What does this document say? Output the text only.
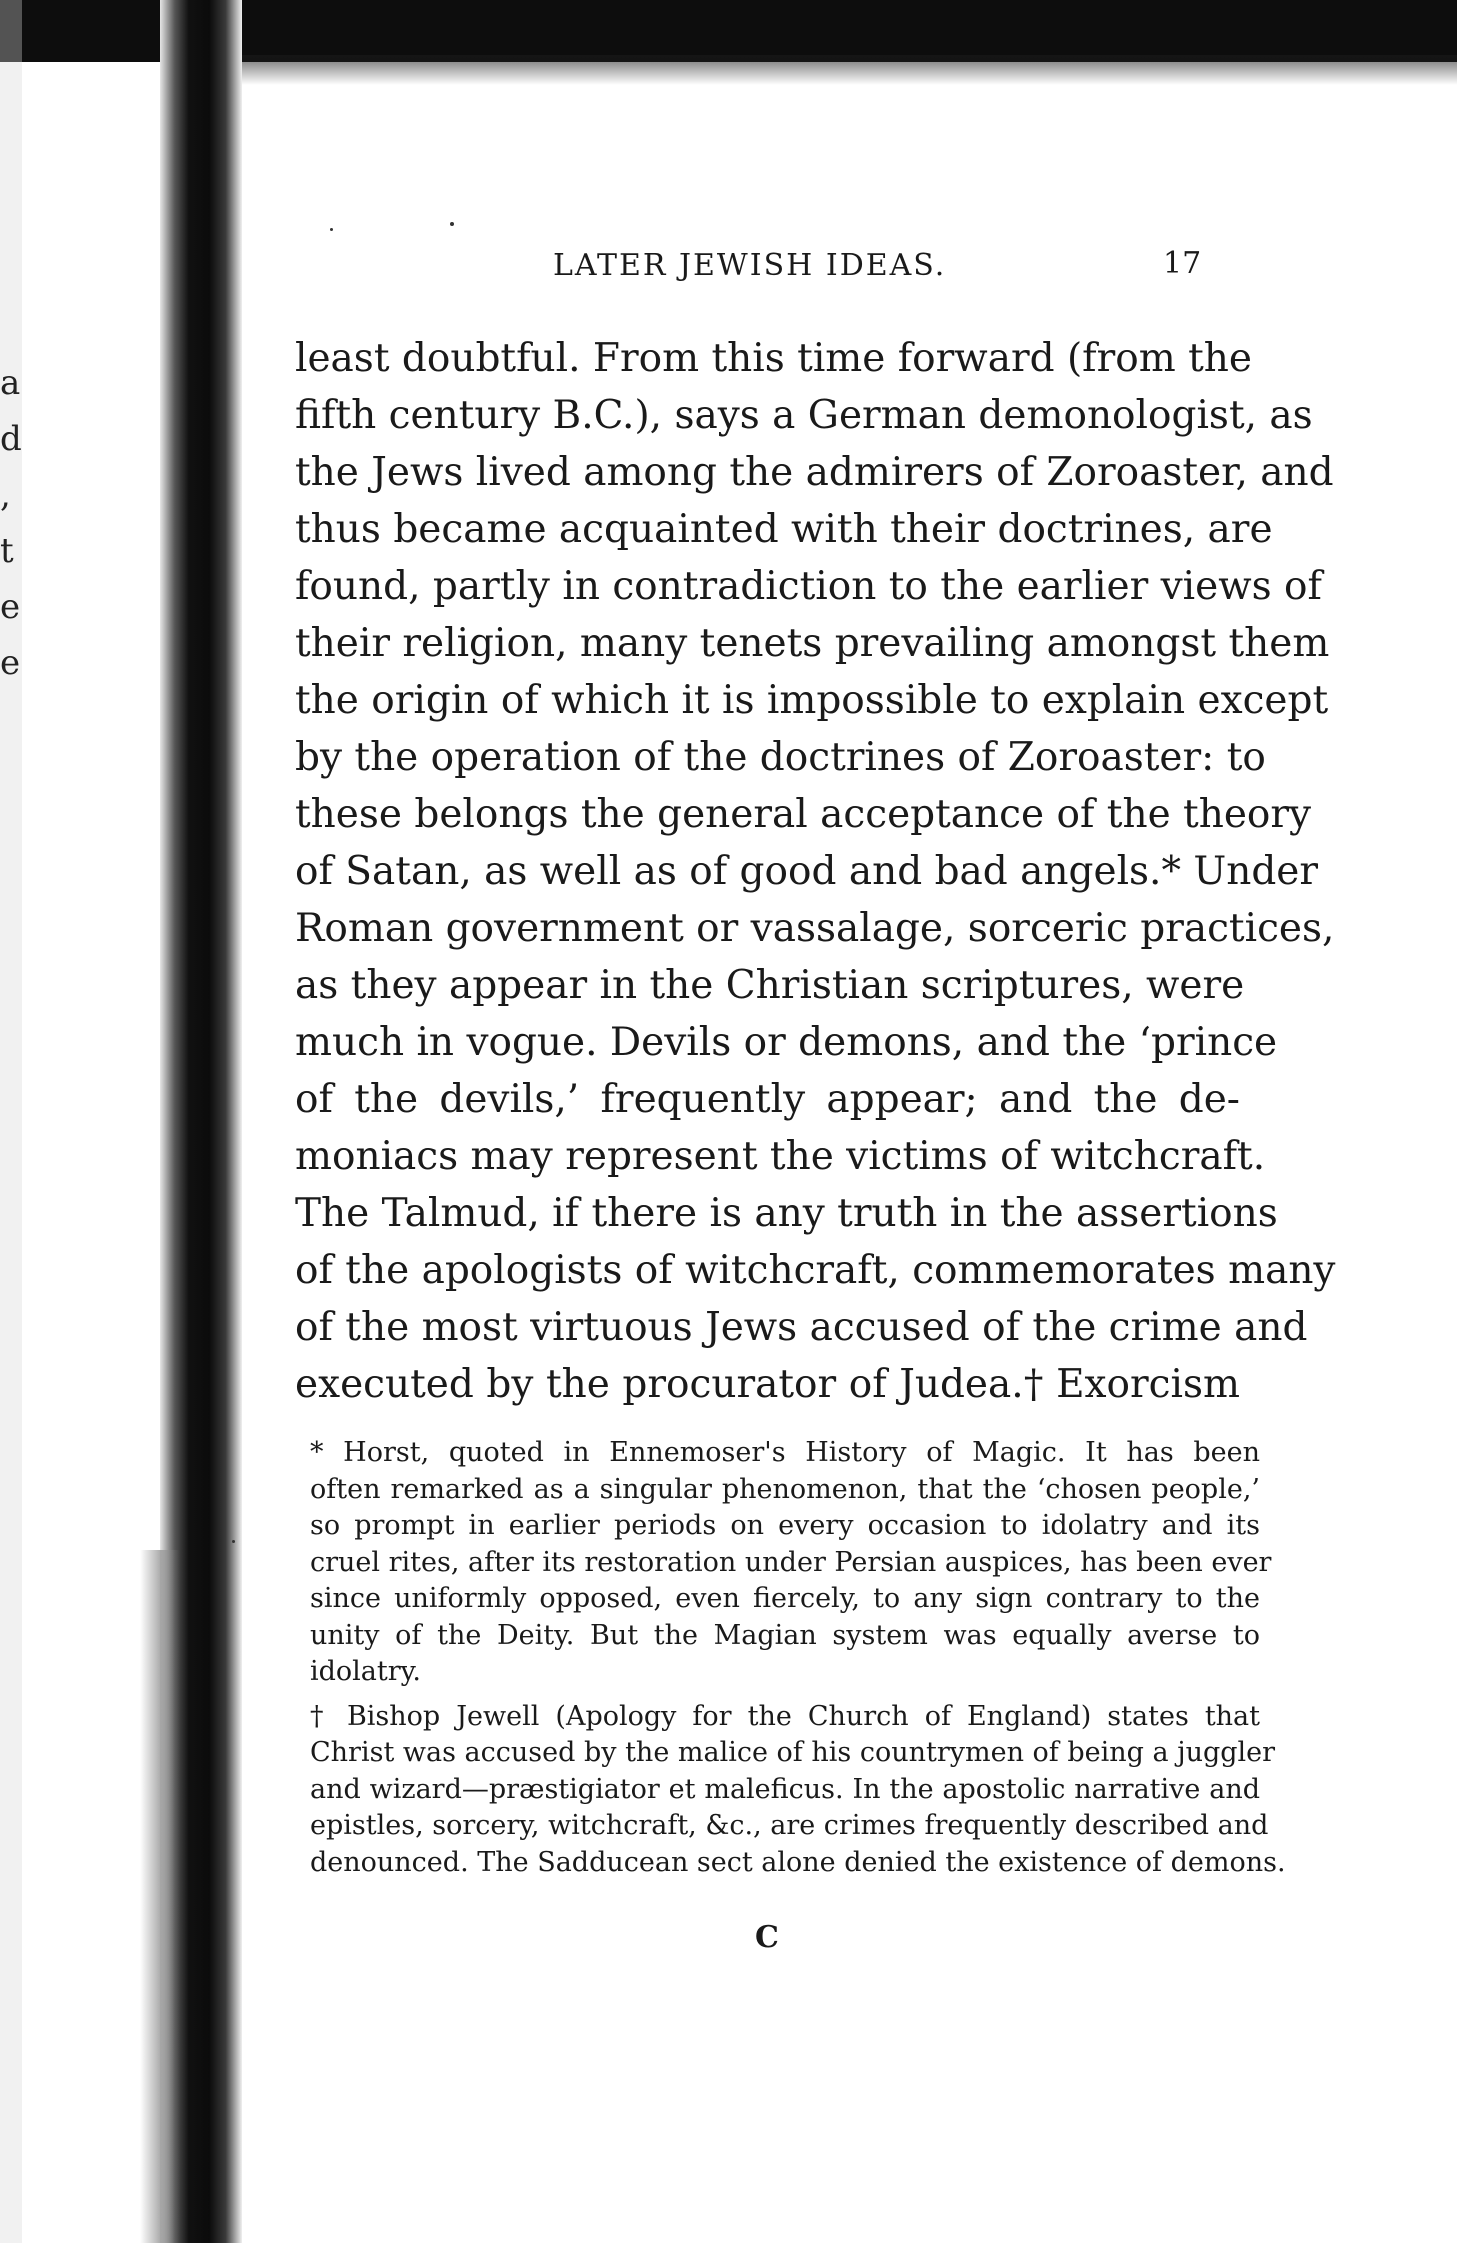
a
d
,
t
e
e
LATER JEWISH IDEAS.	17
least doubtful. From this time forward (from the
fifth century B.C.), says a German demonologist, as
the Jews lived among the admirers of Zoroaster, and
thus became acquainted with their doctrines, are
found, partly in contradiction to the earlier views of
their religion, many tenets prevailing amongst them
the origin of which it is impossible to explain except
by the operation of the doctrines of Zoroaster: to
these belongs the general acceptance of the theory
of Satan, as well as of good and bad angels.* Under
Roman government or vassalage, sorceric practices,
as they appear in the Christian scriptures, were
much in vogue. Devils or demons, and the ‘prince
of the devils,’ frequently appear; and the de-
moniacs may represent the victims of witchcraft.
The Talmud, if there is any truth in the assertions
of the apologists of witchcraft, commemorates many
of the most virtuous Jews accused of the crime and
executed by the procurator of Judea.† Exorcism
* Horst, quoted in Ennemoser's History of Magic. It has been
often remarked as a singular phenomenon, that the ‘chosen people,’
so prompt in earlier periods on every occasion to idolatry and its
cruel rites, after its restoration under Persian auspices, has been ever
since uniformly opposed, even fiercely, to any sign contrary to the
unity of the Deity. But the Magian system was equally averse to
idolatry.
† Bishop Jewell (Apology for the Church of England) states that
Christ was accused by the malice of his countrymen of being a juggler
and wizard—præstigiator et maleficus. In the apostolic narrative and
epistles, sorcery, witchcraft, &c., are crimes frequently described and
denounced. The Sadducean sect alone denied the existence of demons.
C
